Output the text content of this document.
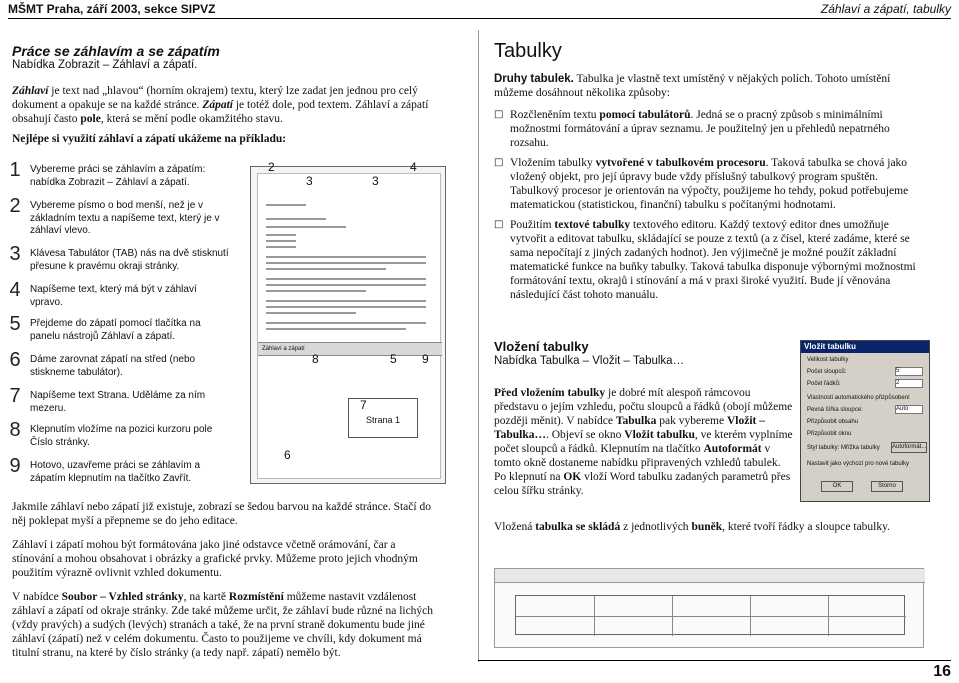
MŠMT Praha, září 2003, sekce SIPVZ	Záhlaví a zápatí, tabulky
Práce se záhlavím a se zápatím
Nabídka Zobrazit – Záhlaví a zápatí.

Záhlaví je text nad „hlavou“ (horním okrajem) textu, který lze zadat jen jednou pro celý dokument a opakuje se na každé stránce. Zápatí je totéž dole, pod textem. Záhlaví a zápatí obsahují často pole, která se mění podle okamžitého stavu.

Nejlépe si využití záhlaví a zápatí ukážeme na příkladu:

1 Vybereme práci se záhlavím a zápatím: nabídka Zobrazit – Záhlaví a zápatí.
2 Vybereme písmo o bod menší, než je v základním textu a napíšeme text, který je v záhlaví vlevo.
3 Klávesa Tabulátor (TAB) nás na dvě stisknutí přesune k pravému okraji stránky.
4 Napíšeme text, který má být v záhlaví vpravo.
5 Přejdeme do zápatí pomocí tlačítka na panelu nástrojů Záhlaví a zápatí.
6 Dáme zarovnat zápatí na střed (nebo stiskneme tabulátor).
7 Napíšeme text Strana. Uděláme za ním mezeru.
8 Klepnutím vložíme na pozici kurzoru pole Číslo stránky.
9 Hotovo, uzavřeme práci se záhlavím a zápatím klepnutím na tlačítko Zavřít.
Záhlaví a zápatí
2
3	3
4
8	5 9
Strana 1
7
6

Jakmile záhlaví nebo zápatí již existuje, zobrazí se šedou barvou na každé stránce. Stačí do něj poklepat myší a přepneme se do jeho editace.

Záhlaví i zápatí mohou být formátována jako jiné odstavce včetně orámování, čar a stínování a mohou obsahovat i obrázky a grafické prvky. Můžeme proto jejich vhodným použitím výrazně ovlivnit vzhled dokumentu.

V nabídce Soubor – Vzhled stránky, na kartě Rozmístění můžeme nastavit vzdálenost záhlaví a zápatí od okraje stránky. Zde také můžeme určit, že záhlaví bude různé na lichých (vždy pravých) a sudých (levých) stranách a také, že na první straně dokumentu bude jiné záhlaví (zápatí) než v celém dokumentu. Často to použijeme ve chvíli, kdy dokument má titulní stranu, na které by číslo stránky (a tedy např. zápatí) nemělo být.

Tabulky

Druhy tabulek. Tabulka je vlastně text umístěný v nějakých polích. Tohoto umístění můžeme dosáhnout několika způsoby:

□ Rozčleněním textu pomocí tabulátorů. Jedná se o pracný způsob s minimálními možnostmi formátování a úprav seznamu. Je použitelný jen u přehledů nepatrného rozsahu.
□ Vložením tabulky vytvořené v tabulkovém procesoru. Taková tabulka se chová jako vložený objekt, pro její úpravy bude vždy příslušný tabulkový program spuštěn. Tabulkový procesor je orientován na výpočty, použijeme ho tehdy, pokud potřebujeme matematickou (statistickou, finanční) tabulku s počítanými hodnotami.
□ Použitím textové tabulky textového editoru. Každý textový editor dnes umožňuje vytvořit a editovat tabulku, skládající se pouze z textů (a z čísel, které zadáme, které se sama nepočítají z jiných zadaných hodnot). Jen výjimečně je možné použít základní matematické funkce na buňky tabulky. Taková tabulka disponuje výbornými možnostmi formátování textu, okrajů i stínování a má v praxi široké využití. Bude jí věnována následující část tohoto manuálu.
Vložení tabulky
Nabídka Tabulka – Vložit – Tabulka…

Před vložením tabulky je dobré mít alespoň rámcovou představu o jejím vzhledu, počtu sloupců a řádků (obojí můžeme později měnit). V nabídce Tabulka pak vybereme Vložit – Tabulka…. Objeví se okno Vložit tabulku, ve kterém vyplníme počet sloupců a řádků. Klepnutím na tlačítko Autoformát v tomto okně dostaneme nabídku připravených vzhledů tabulek. Po klepnutí na OK vloží Word tabulku zadaných parametrů přes celou šířku stránky.

Vložit tabulku
Velikost tabulky
Počet sloupců:	5
Počet řádků:	2
Vlastnosti automatického přizpůsobení
Pevná šířka sloupce:	Auto
Přizpůsobit obsahu
Přizpůsobit oknu
Styl tabulky: Mřížka tabulky Autoformát...
Nastavit jako výchozí pro nové tabulky
OK	Storno
Vložená tabulka se skládá z jednotlivých buněk, které tvoří řádky a sloupce tabulky.
16
